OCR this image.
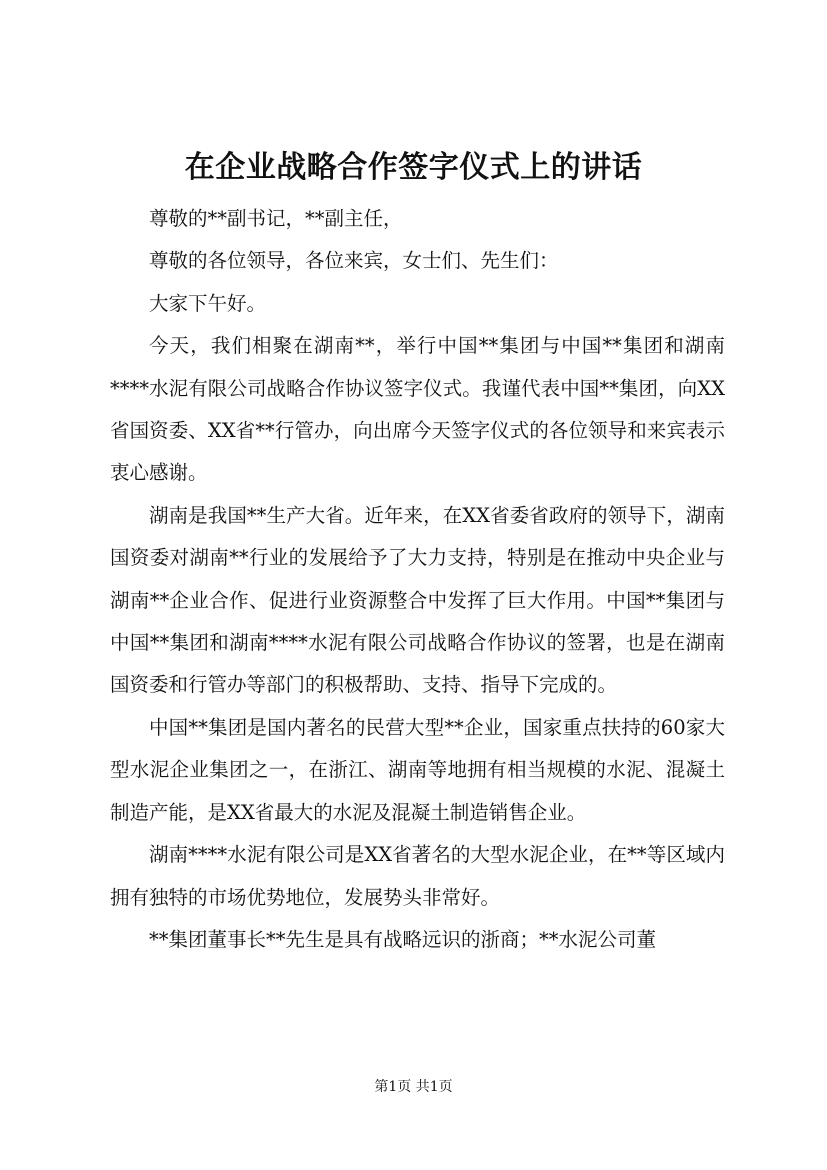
在企业战略合作签字仪式上的讲话

尊敬的**副书记，**副主任，

尊敬的各位领导，各位来宾，女士们、先生们：

大家下午好。

今天，我们相聚在湖南**，举行中国**集团与中国**集团和湖南****水泥有限公司战略合作协议签字仪式。我谨代表中国**集团，向XX省国资委、XX省**行管办，向出席今天签字仪式的各位领导和来宾表示衷心感谢。

湖南是我国**生产大省。近年来，在XX省委省政府的领导下，湖南国资委对湖南**行业的发展给予了大力支持，特别是在推动中央企业与湖南**企业合作、促进行业资源整合中发挥了巨大作用。中国**集团与中国**集团和湖南****水泥有限公司战略合作协议的签署，也是在湖南国资委和行管办等部门的积极帮助、支持、指导下完成的。

中国**集团是国内著名的民营大型**企业，国家重点扶持的60家大型水泥企业集团之一，在浙江、湖南等地拥有相当规模的水泥、混凝土制造产能，是XX省最大的水泥及混凝土制造销售企业。

湖南****水泥有限公司是XX省著名的大型水泥企业，在**等区域内拥有独特的市场优势地位，发展势头非常好。

**集团董事长**先生是具有战略远识的浙商；**水泥公司董

第1页 共1页
